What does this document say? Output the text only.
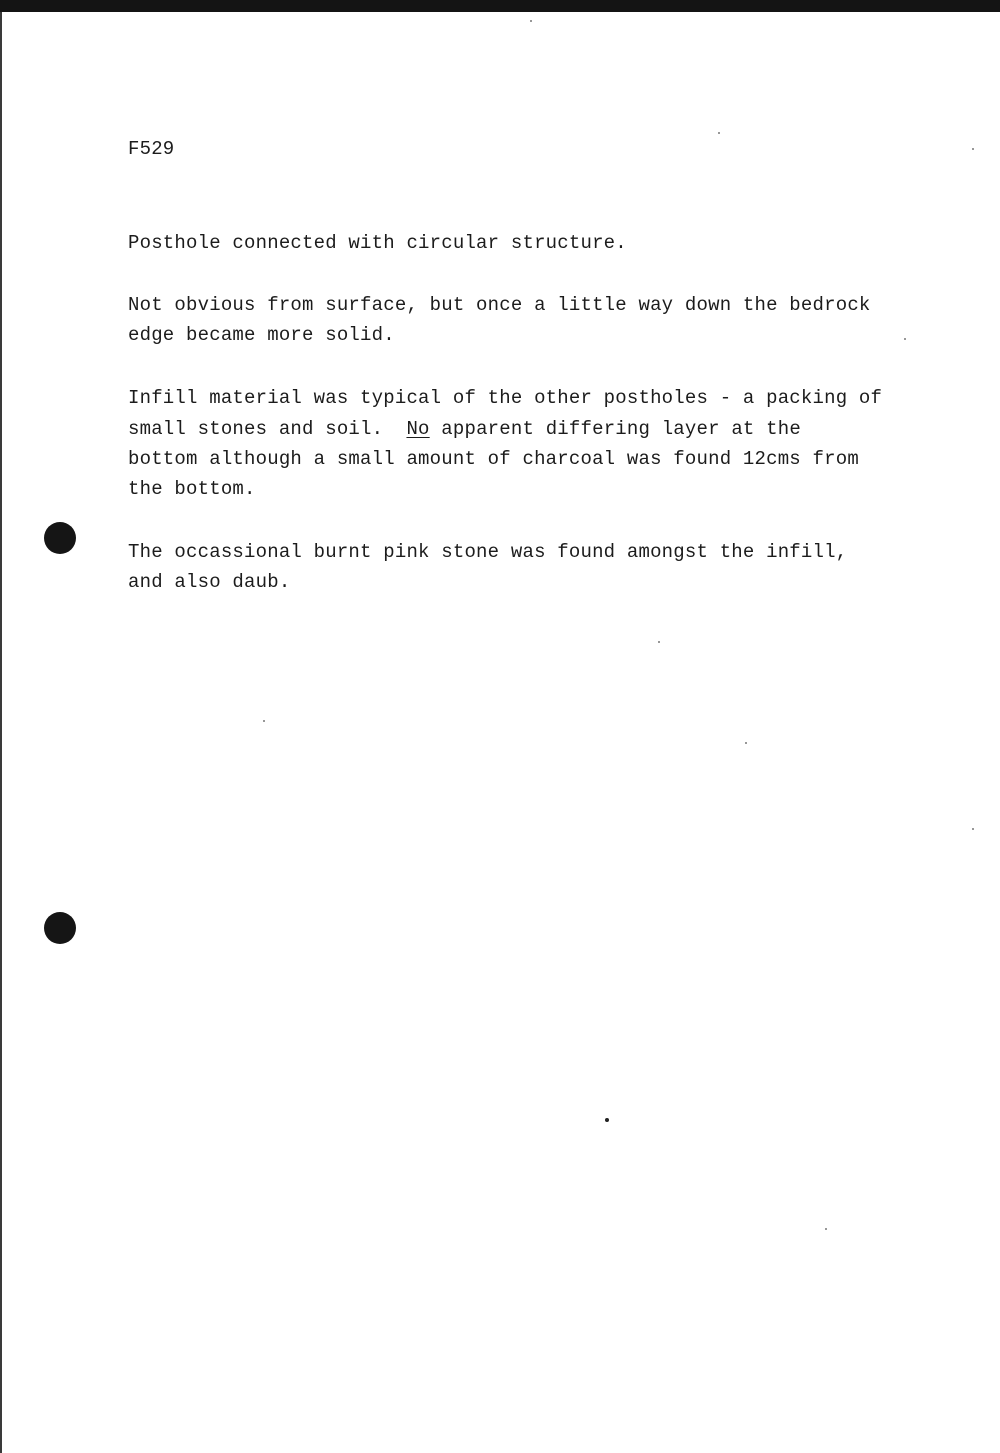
F529

Posthole connected with circular structure.

Not obvious from surface, but once a little way down the bedrock

edge became more solid.

Infill material was typical of the other postholes - a packing of

small stones and soil.  No apparent differing layer at the

bottom although a small amount of charcoal was found 12cms from

the bottom.

The occassional burnt pink stone was found amongst the infill,

and also daub.
